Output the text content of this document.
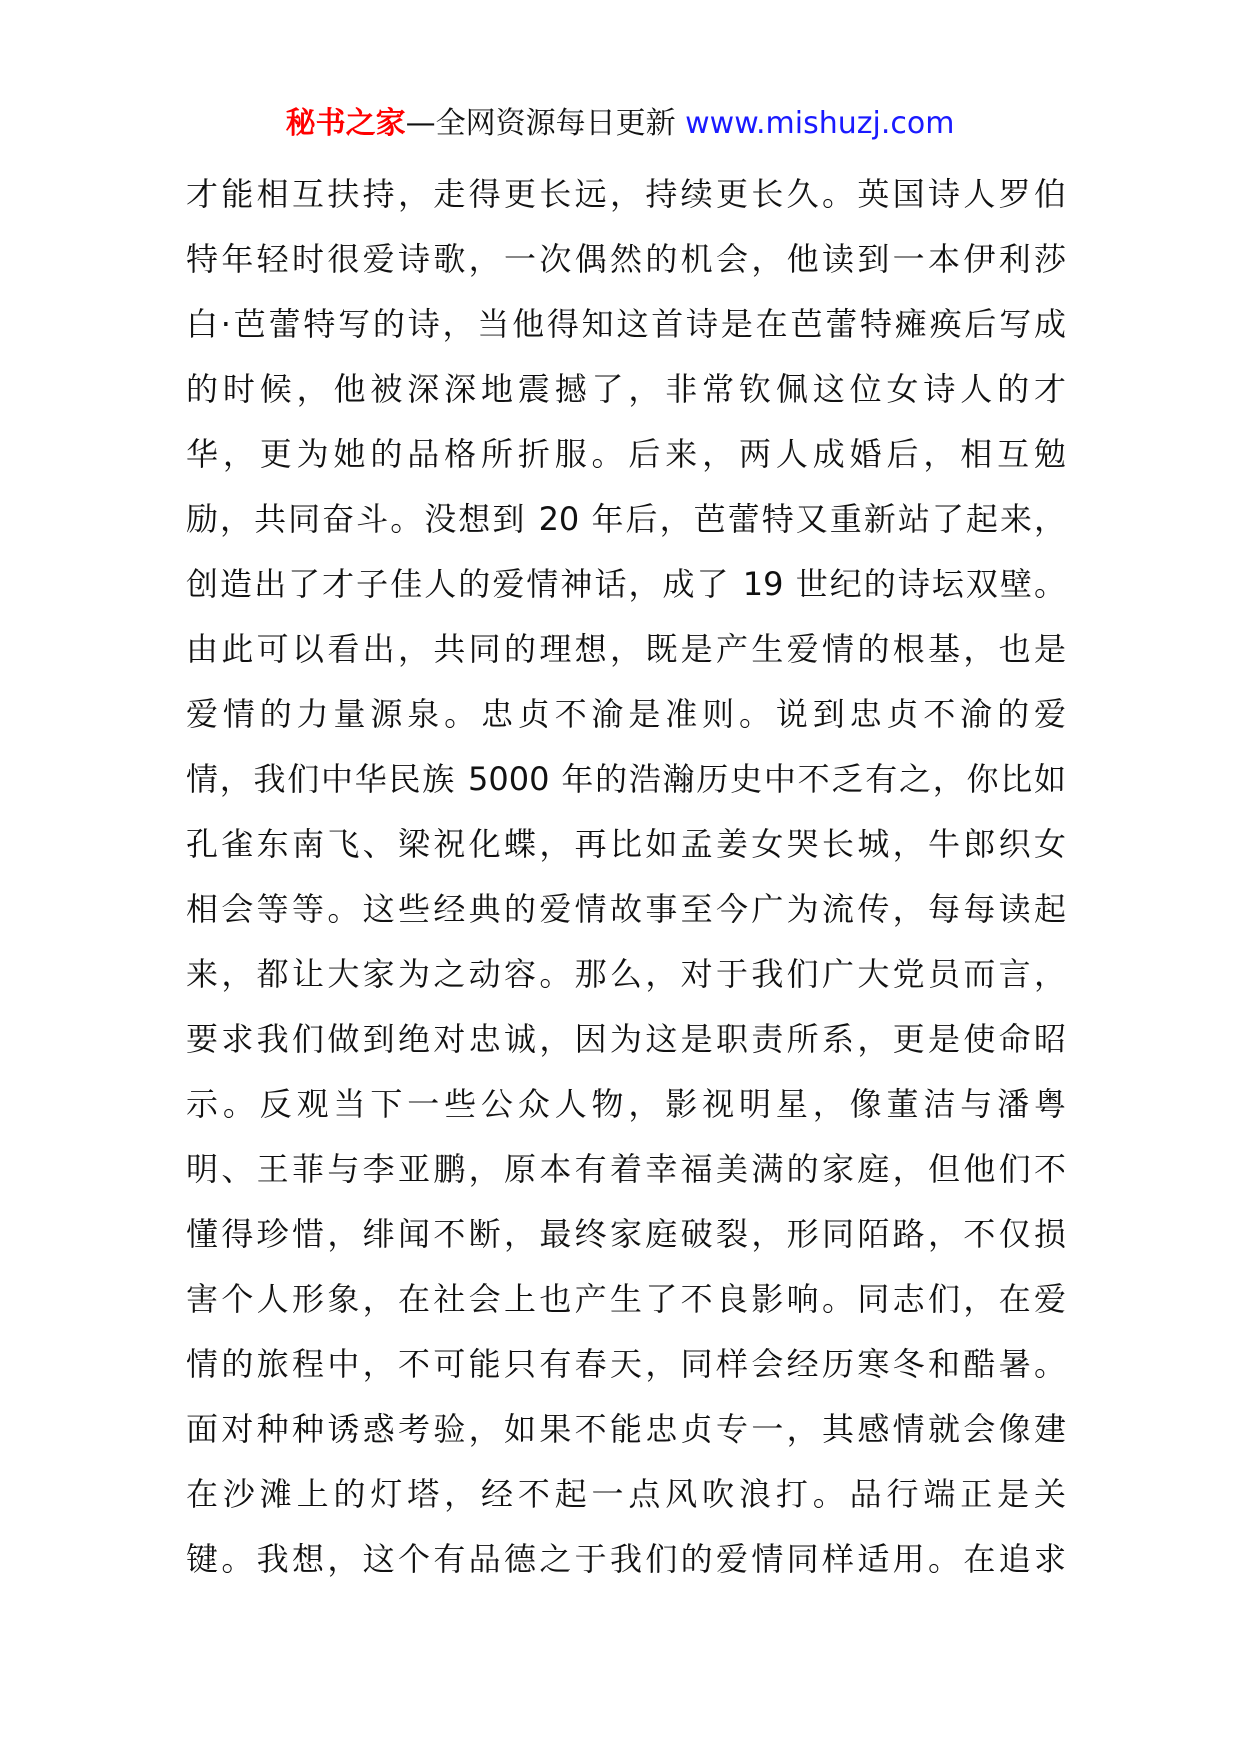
秘书之家—全网资源每日更新 www.mishuzj.com
才能相互扶持，走得更长远，持续更长久。英国诗人罗伯
特年轻时很爱诗歌，一次偶然的机会，他读到一本伊利莎
白·芭蕾特写的诗，当他得知这首诗是在芭蕾特瘫痪后写成
的时候，他被深深地震撼了，非常钦佩这位女诗人的才
华，更为她的品格所折服。后来，两人成婚后，相互勉
励，共同奋斗。没想到 20 年后，芭蕾特又重新站了起来，
创造出了才子佳人的爱情神话，成了 19 世纪的诗坛双壁。
由此可以看出，共同的理想，既是产生爱情的根基，也是
爱情的力量源泉。忠贞不渝是准则。说到忠贞不渝的爱
情，我们中华民族 5000 年的浩瀚历史中不乏有之，你比如
孔雀东南飞、梁祝化蝶，再比如孟姜女哭长城，牛郎织女
相会等等。这些经典的爱情故事至今广为流传，每每读起
来，都让大家为之动容。那么，对于我们广大党员而言，
要求我们做到绝对忠诚，因为这是职责所系，更是使命昭
示。反观当下一些公众人物，影视明星，像董洁与潘粤
明、王菲与李亚鹏，原本有着幸福美满的家庭，但他们不
懂得珍惜，绯闻不断，最终家庭破裂，形同陌路，不仅损
害个人形象，在社会上也产生了不良影响。同志们，在爱
情的旅程中，不可能只有春天，同样会经历寒冬和酷暑。
面对种种诱惑考验，如果不能忠贞专一，其感情就会像建
在沙滩上的灯塔，经不起一点风吹浪打。品行端正是关
键。我想，这个有品德之于我们的爱情同样适用。在追求
